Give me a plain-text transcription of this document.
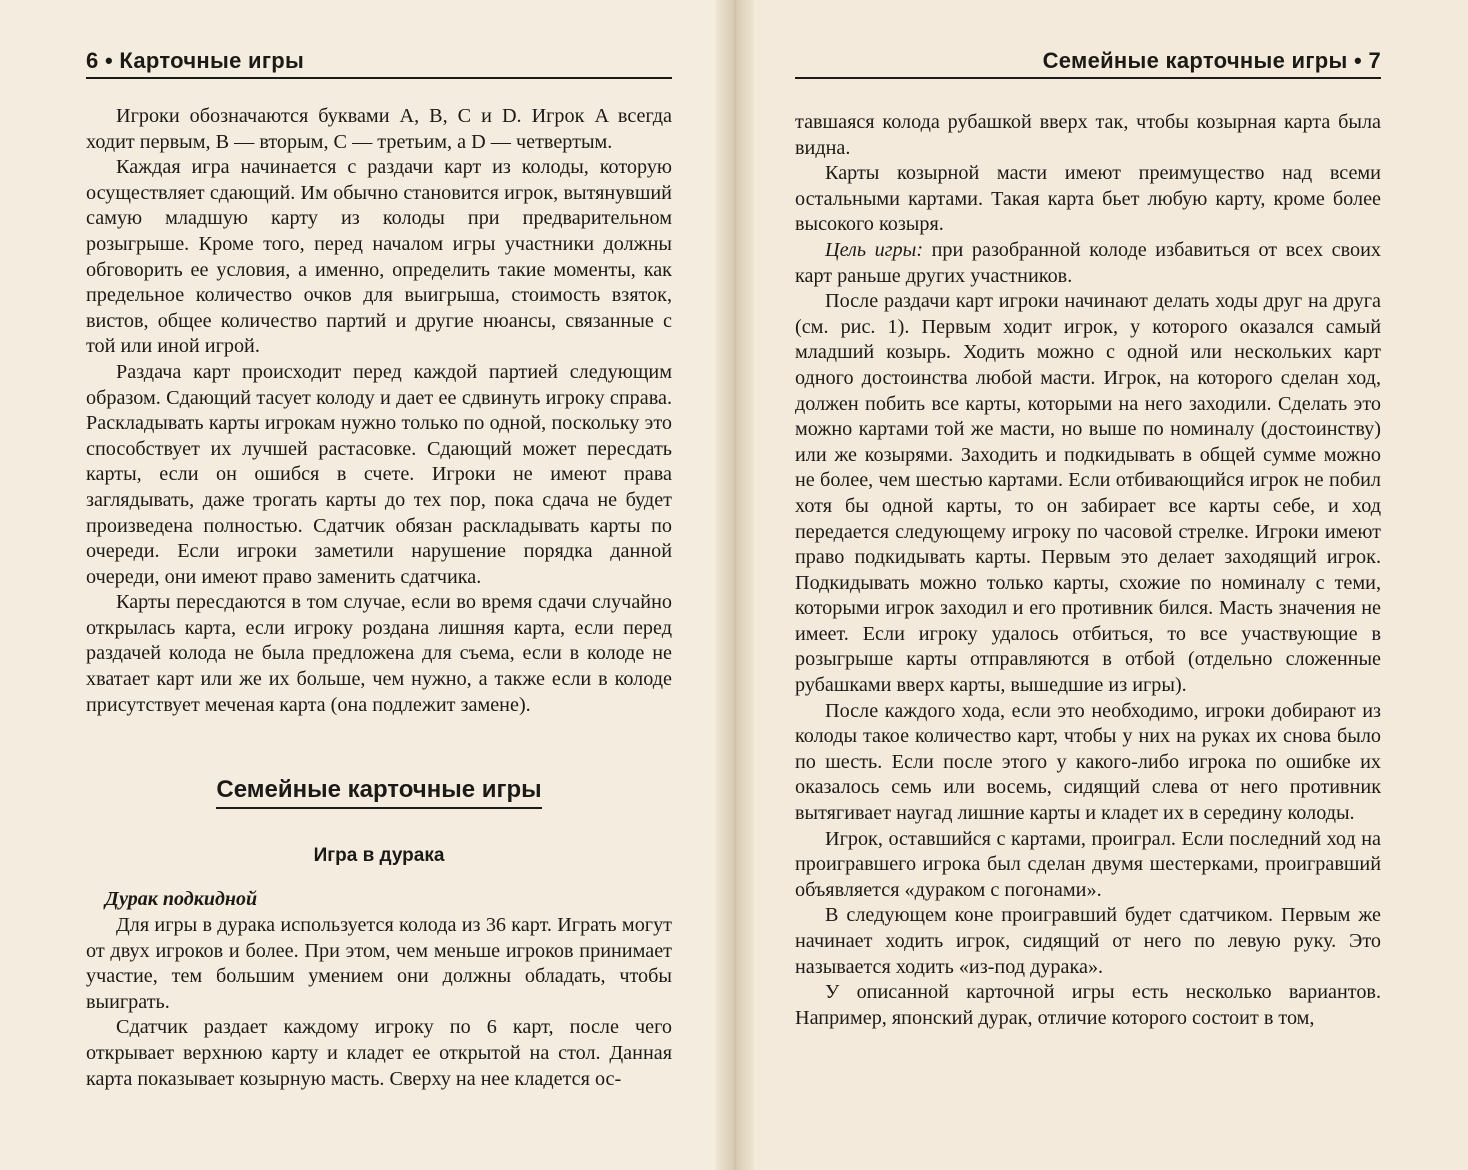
6 • Карточные игры

Игроки обозначаются буквами A, B, C и D. Игрок A всегда ходит первым, B — вторым, C — третьим, а D — четвертым.

Каждая игра начинается с раздачи карт из колоды, которую осуществляет сдающий. Им обычно становится игрок, вытянувший самую младшую карту из колоды при предварительном розыгрыше. Кроме того, перед началом игры участники должны обговорить ее условия, а именно, определить такие моменты, как предельное количество очков для выигрыша, стоимость взяток, вистов, общее количество партий и другие нюансы, связанные с той или иной игрой.

Раздача карт происходит перед каждой партией следующим образом. Сдающий тасует колоду и дает ее сдвинуть игроку справа. Раскладывать карты игрокам нужно только по одной, поскольку это способствует их лучшей растасовке. Сдающий может пересдать карты, если он ошибся в счете. Игроки не имеют права заглядывать, даже трогать карты до тех пор, пока сдача не будет произведена полностью. Сдатчик обязан раскладывать карты по очереди. Если игроки заметили нарушение порядка данной очереди, они имеют право заменить сдатчика.

Карты пересдаются в том случае, если во время сдачи случайно открылась карта, если игроку роздана лишняя карта, если перед раздачей колода не была предложена для съема, если в колоде не хватает карт или же их больше, чем нужно, а также если в колоде присутствует меченая карта (она подлежит замене).

Семейные карточные игры
Игра в дурака
Дурак подкидной

Для игры в дурака используется колода из 36 карт. Играть могут от двух игроков и более. При этом, чем меньше игроков принимает участие, тем большим умением они должны обладать, чтобы выиграть.

Сдатчик раздает каждому игроку по 6 карт, после чего открывает верхнюю карту и кладет ее открытой на стол. Данная карта показывает козырную масть. Сверху на нее кладется ос-

Семейные карточные игры • 7

тавшаяся колода рубашкой вверх так, чтобы козырная карта была видна.

Карты козырной масти имеют преимущество над всеми остальными картами. Такая карта бьет любую карту, кроме более высокого козыря.

Цель игры: при разобранной колоде избавиться от всех своих карт раньше других участников.

После раздачи карт игроки начинают делать ходы друг на друга (см. рис. 1). Первым ходит игрок, у которого оказался самый младший козырь. Ходить можно с одной или нескольких карт одного достоинства любой масти. Игрок, на которого сделан ход, должен побить все карты, которыми на него заходили. Сделать это можно картами той же масти, но выше по номиналу (достоинству) или же козырями. Заходить и подкидывать в общей сумме можно не более, чем шестью картами. Если отбивающийся игрок не побил хотя бы одной карты, то он забирает все карты себе, и ход передается следующему игроку по часовой стрелке. Игроки имеют право подкидывать карты. Первым это делает заходящий игрок. Подкидывать можно только карты, схожие по номиналу с теми, которыми игрок заходил и его противник бился. Масть значения не имеет. Если игроку удалось отбиться, то все участвующие в розыгрыше карты отправляются в отбой (отдельно сложенные рубашками вверх карты, вышедшие из игры).

После каждого хода, если это необходимо, игроки добирают из колоды такое количество карт, чтобы у них на руках их снова было по шесть. Если после этого у какого-либо игрока по ошибке их оказалось семь или восемь, сидящий слева от него противник вытягивает наугад лишние карты и кладет их в середину колоды.

Игрок, оставшийся с картами, проиграл. Если последний ход на проигравшего игрока был сделан двумя шестерками, проигравший объявляется «дураком с погонами».

В следующем коне проигравший будет сдатчиком. Первым же начинает ходить игрок, сидящий от него по левую руку. Это называется ходить «из-под дурака».

У описанной карточной игры есть несколько вариантов. Например, японский дурак, отличие которого состоит в том,
